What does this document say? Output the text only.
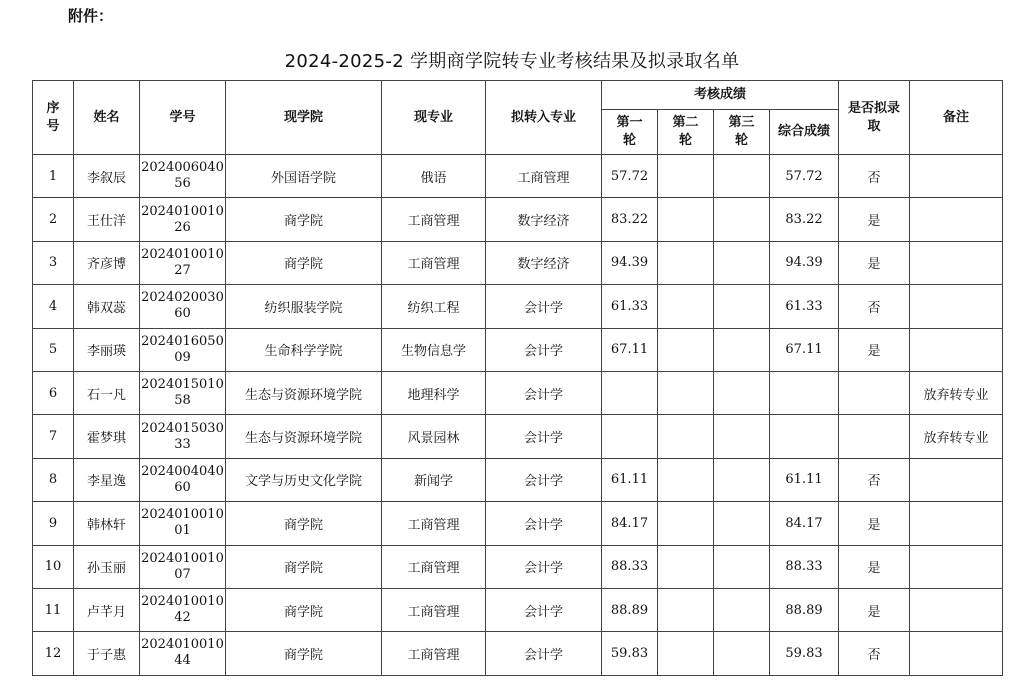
附件：
2024-2025-2 学期商学院转专业考核结果及拟录取名单
序号	姓名	学号	现学院	现专业	拟转入专业	考核成绩				是否拟录取	备注
						第一轮	第二轮	第三轮	综合成绩		
1	李叙辰	202400604056	外国语学院	俄语	工商管理	57.72			57.72	否	
2	王仕洋	202401001026	商学院	工商管理	数字经济	83.22			83.22	是	
3	齐彦博	202401001027	商学院	工商管理	数字经济	94.39			94.39	是	
4	韩双蕊	202402003060	纺织服装学院	纺织工程	会计学	61.33			61.33	否	
5	李丽瑛	202401605009	生命科学学院	生物信息学	会计学	67.11			67.11	是	
6	石一凡	202401501058	生态与资源环境学院	地理科学	会计学						放弃转专业
7	霍梦琪	202401503033	生态与资源环境学院	风景园林	会计学						放弃转专业
8	李星逸	202400404060	文学与历史文化学院	新闻学	会计学	61.11			61.11	否	
9	韩林轩	202401001001	商学院	工商管理	会计学	84.17			84.17	是	
10	孙玉丽	202401001007	商学院	工商管理	会计学	88.33			88.33	是	
11	卢芊月	202401001042	商学院	工商管理	会计学	88.89			88.89	是	
12	于子惠	202401001044	商学院	工商管理	会计学	59.83			59.83	否	
